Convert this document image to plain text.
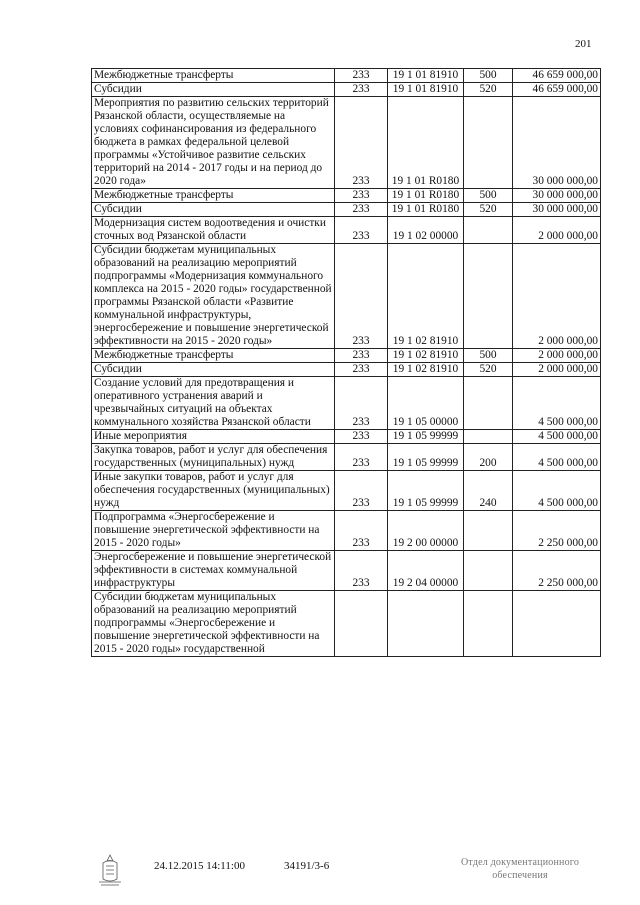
201
Межбюджетные трансферты	233	19 1 01 81910	500	46 659 000,00
Субсидии	233	19 1 01 81910	520	46 659 000,00
Мероприятия по развитию сельских территорий Рязанской области, осуществляемые на условиях софинансирования из федерального бюджета в рамках федеральной целевой программы «Устойчивое развитие сельских территорий на 2014 - 2017 годы и на период до 2020 года»	233	19 1 01 R0180		30 000 000,00
Межбюджетные трансферты	233	19 1 01 R0180	500	30 000 000,00
Субсидии	233	19 1 01 R0180	520	30 000 000,00
Модернизация систем водоотведения и очистки сточных вод Рязанской области	233	19 1 02 00000		2 000 000,00
Субсидии бюджетам муниципальных образований на реализацию мероприятий подпрограммы «Модернизация коммунального комплекса на 2015 - 2020 годы» государственной программы Рязанской области «Развитие коммунальной инфраструктуры, энергосбережение и повышение энергетической эффективности на 2015 - 2020 годы»	233	19 1 02 81910		2 000 000,00
Межбюджетные трансферты	233	19 1 02 81910	500	2 000 000,00
Субсидии	233	19 1 02 81910	520	2 000 000,00
Создание условий для предотвращения и оперативного устранения аварий и чрезвычайных ситуаций на объектах коммунального хозяйства Рязанской области	233	19 1 05 00000		4 500 000,00
Иные мероприятия	233	19 1 05 99999		4 500 000,00
Закупка товаров, работ и услуг для обеспечения государственных (муниципальных) нужд	233	19 1 05 99999	200	4 500 000,00
Иные закупки товаров, работ и услуг для обеспечения государственных (муниципальных) нужд	233	19 1 05 99999	240	4 500 000,00
Подпрограмма «Энергосбережение и повышение энергетической эффективности на 2015 - 2020 годы»	233	19 2 00 00000		2 250 000,00
Энергосбережение и повышение энергетической эффективности в системах коммунальной инфраструктуры	233	19 2 04 00000		2 250 000,00
Субсидии бюджетам муниципальных образований на реализацию мероприятий подпрограммы «Энергосбережение и повышение энергетической эффективности на 2015 - 2020 годы» государственной				
24.12.2015 14:11:00	34191/3-6	Отдел документационного
обеспечения
